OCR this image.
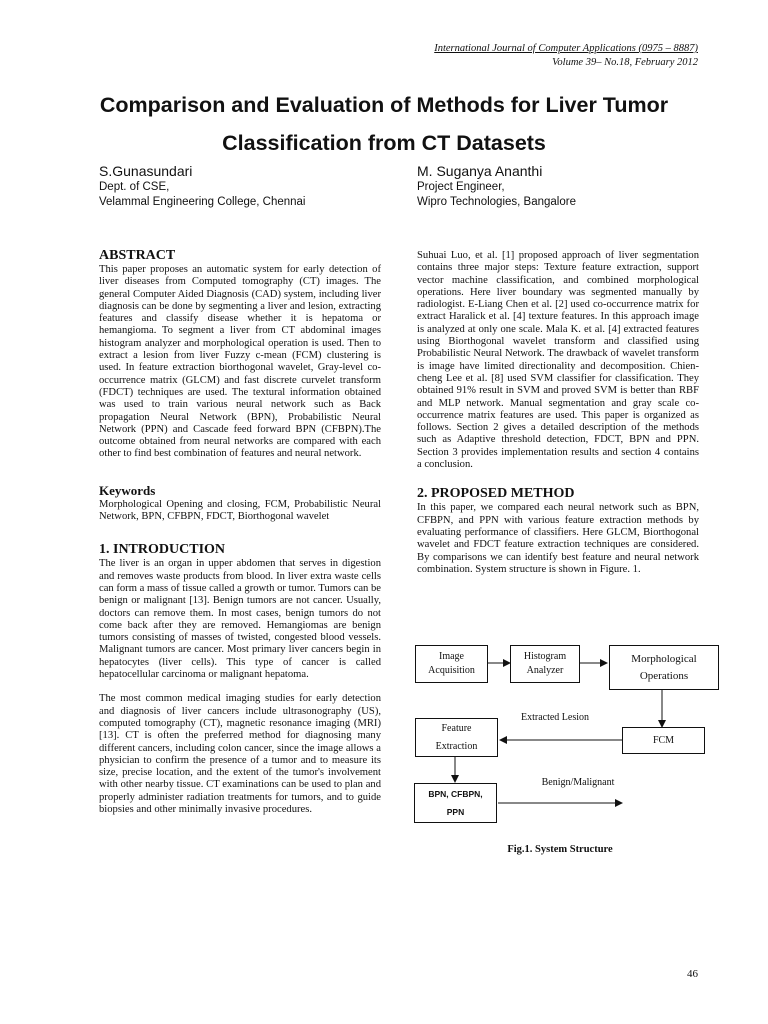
International Journal of Computer Applications (0975 – 8887)
Volume 39– No.18, February 2012
Comparison and Evaluation of Methods for Liver Tumor
Classification from CT Datasets
S.Gunasundari
Dept. of CSE,
Velammal Engineering College, Chennai
M. Suganya Ananthi
Project Engineer,
Wipro Technologies, Bangalore
ABSTRACT

This paper proposes an automatic system for early detection of liver diseases from Computed tomography (CT) images. The general Computer Aided Diagnosis (CAD) system, including liver diagnosis can be done by segmenting a liver and lesion, extracting features and classify disease whether it is hepatoma or hemangioma. To segment a liver from CT abdominal images histogram analyzer and morphological operation is used. Then to extract a lesion from liver Fuzzy c-mean (FCM) clustering is used. In feature extraction biorthogonal wavelet, Gray-level co-occurrence matrix (GLCM) and fast discrete curvelet transform (FDCT) techniques are used. The textural information obtained was used to train various neural network such as Back propagation Neural Network (BPN), Probabilistic Neural Network (PPN) and Cascade feed forward BPN (CFBPN).The outcome obtained from neural networks are compared with each other to find best combination of features and neural network.

Keywords

Morphological Opening and closing, FCM, Probabilistic Neural Network, BPN, CFBPN, FDCT, Biorthogonal wavelet

1. INTRODUCTION

The liver is an organ in upper abdomen that serves in digestion and removes waste products from blood. In liver extra waste cells can form a mass of tissue called a growth or tumor. Tumors can be benign or malignant [13]. Benign tumors are not cancer. Usually, doctors can remove them. In most cases, benign tumors do not come back after they are removed. Hemangiomas are benign tumors consisting of masses of twisted, congested blood vessels. Malignant tumors are cancer. Most primary liver cancers begin in hepatocytes (liver cells). This type of cancer is called hepatocellular carcinoma or malignant hepatoma.

The most common medical imaging studies for early detection and diagnosis of liver cancers include ultrasonography (US), computed tomography (CT), magnetic resonance imaging (MRI) [13]. CT is often the preferred method for diagnosing many different cancers, including colon cancer, since the image allows a physician to confirm the presence of a tumor and to measure its size, precise location, and the extent of the tumor's involvement with other nearby tissue. CT examinations can be used to plan and properly administer radiation treatments for tumors, and to guide biopsies and other minimally invasive procedures.

Suhuai Luo, et al. [1] proposed approach of liver segmentation contains three major steps: Texture feature extraction, support vector machine classification, and combined morphological operations. Here liver boundary was segmented manually by radiologist. E-Liang Chen et al. [2] used co-occurrence matrix for extract Haralick et al. [4] texture features. In this approach image is analyzed at only one scale. Mala K. et al. [4] extracted features using Biorthogonal wavelet transform and classified using Probabilistic Neural Network. The drawback of wavelet transform is image have limited directionality and decomposition. Chien-cheng Lee et al. [8] used SVM classifier for classification. They obtained 91% result in SVM and proved SVM is better than RBF and MLP network. Manual segmentation and gray scale co-occurrence matrix features are used. This paper is organized as follows. Section 2 gives a detailed description of the methods such as Adaptive threshold detection, FDCT, BPN and PPN. Section 3 provides implementation results and section 4 contains a conclusion.

2. PROPOSED METHOD

In this paper, we compared each neural network such as BPN, CFBPN, and PPN with various feature extraction methods by evaluating performance of classifiers. Here GLCM, Biorthogonal wavelet and FDCT feature extraction techniques are considered. By comparisons we can identify best feature and neural network combination. System structure is shown in Figure. 1.

Image Acquisition
Histogram Analyzer
Morphological Operations
Feature Extraction
FCM
BPN, CFBPN, PPN
Extracted Lesion
Benign/Malignant
Fig.1. System Structure
46
